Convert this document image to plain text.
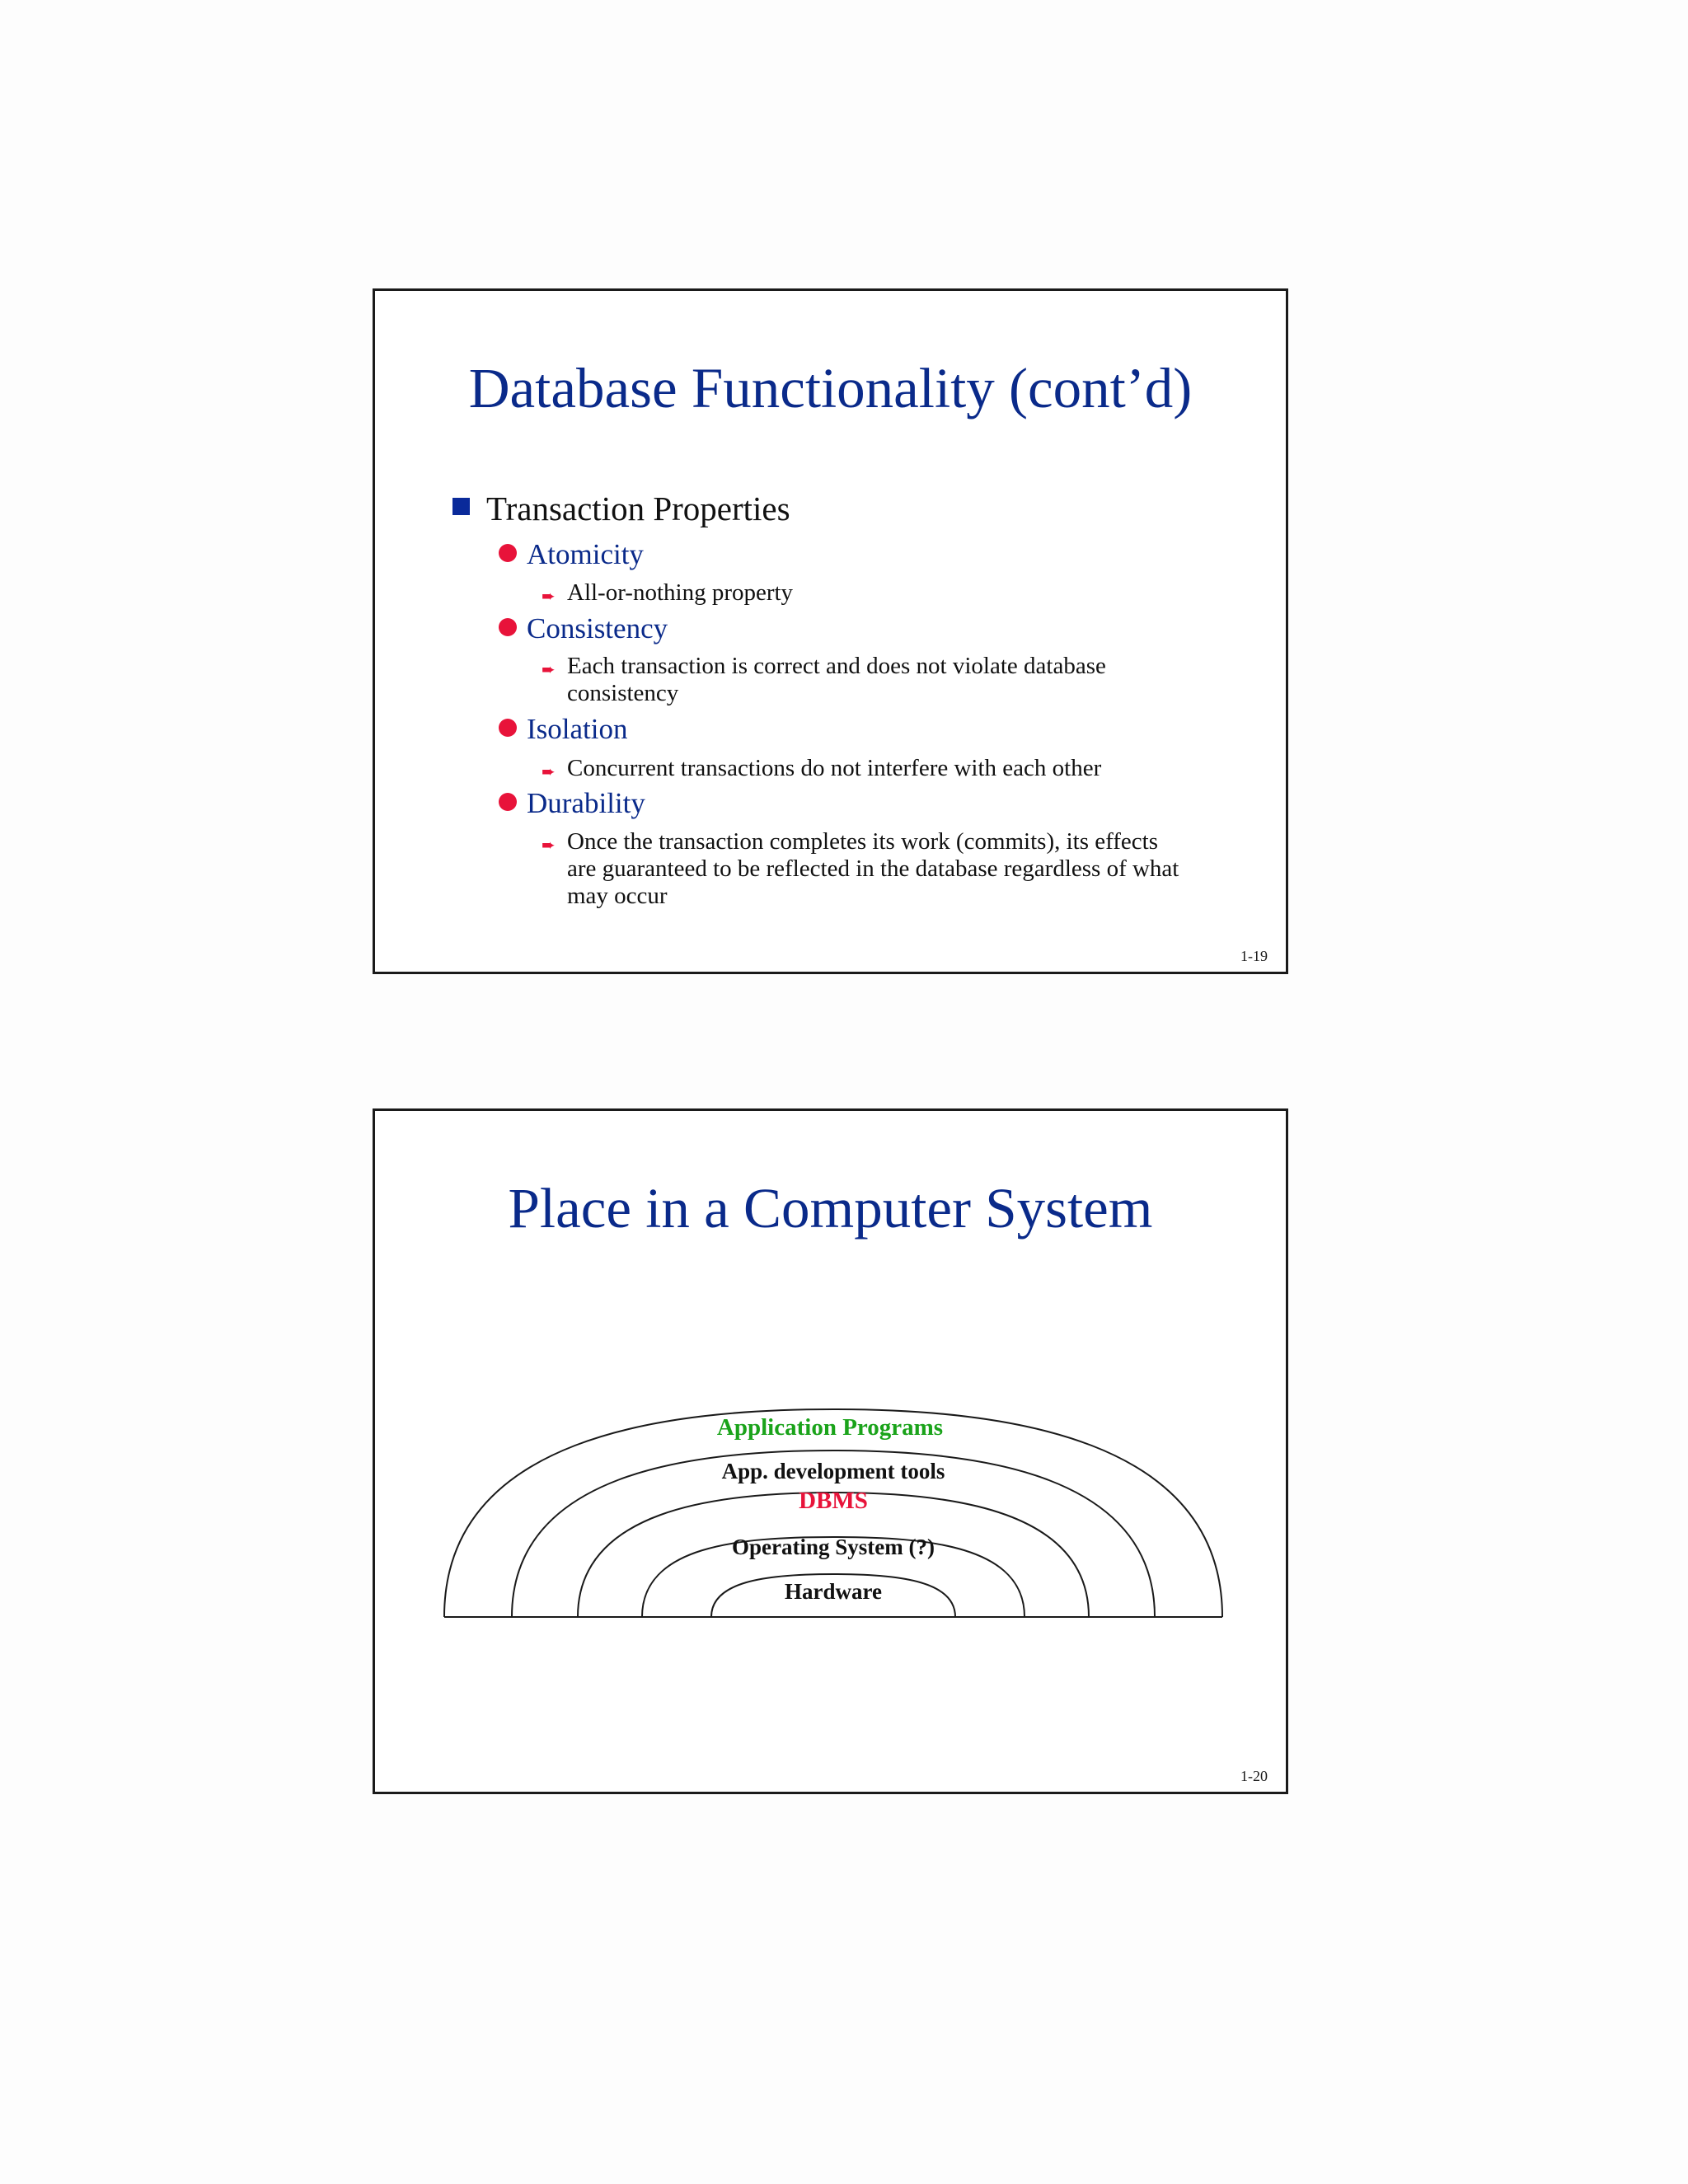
Database Functionality (cont’d)
Transaction Properties
Atomicity
➨ All-or-nothing property
Consistency
➨ Each transaction is correct and does not violate database consistency
Isolation
➨ Concurrent transactions do not interfere with each other
Durability
➨ Once the transaction completes its work (commits), its effects are guaranteed to be reflected in the database regardless of what may occur
1-19
Place in a Computer System
Application Programs
App. development tools
DBMS
Operating System (?)
Hardware
1-20
